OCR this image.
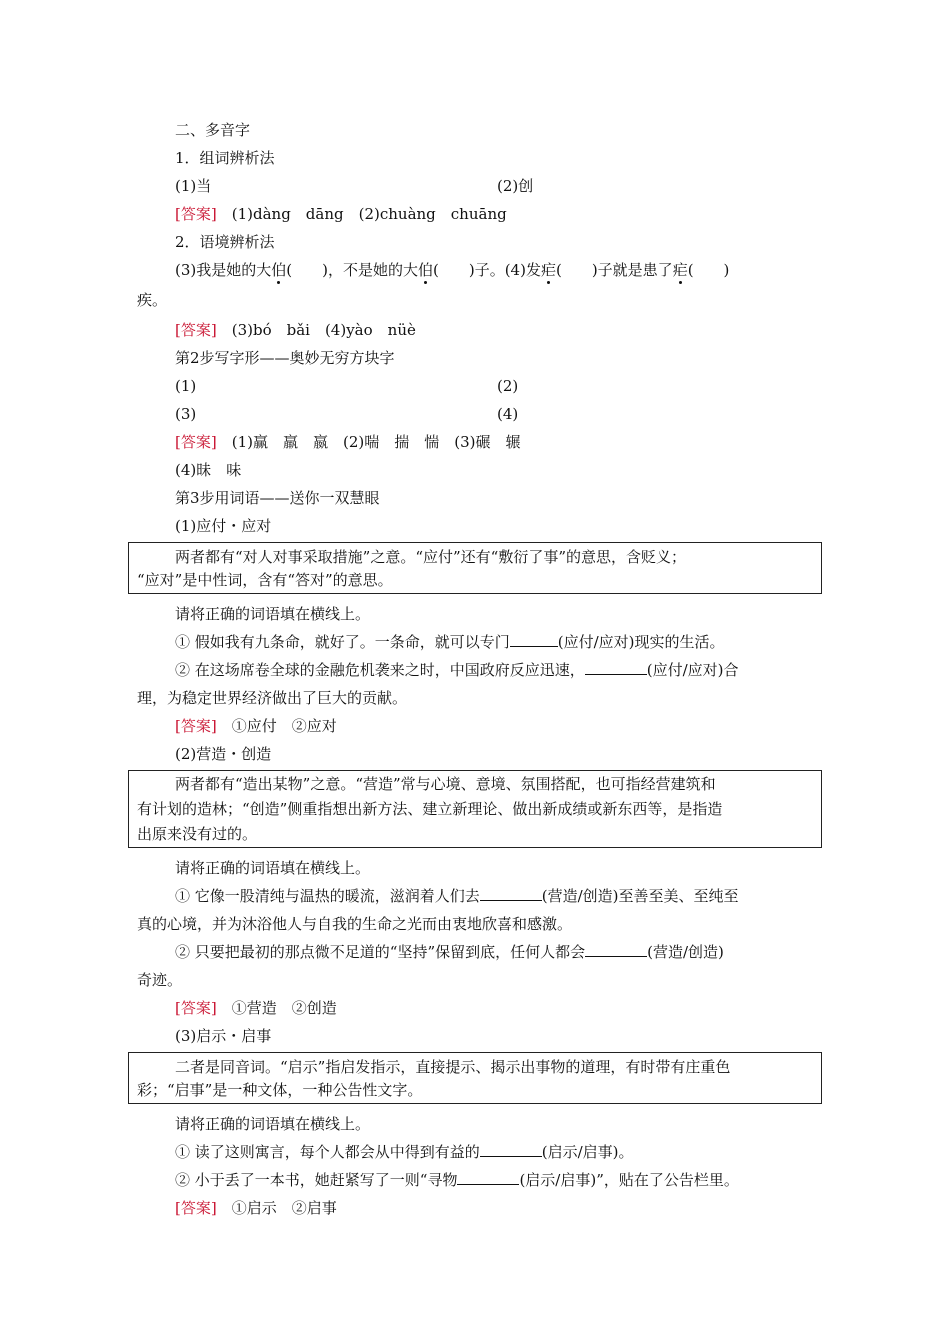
二、多音字
1．组词辨析法
(1)当	(2)创
[答案]　 (1)dàng　dāng　(2)chuàng　chuāng
2．语境辨析法
(3)我是她的大伯(　　)，不是她的大伯(　　)子。(4)发疟(　　)子就是患了疟(　　)
疾。
[答案]　 (3)bó　bǎi　(4)yào　nüè
第2步写字形——奥妙无穷方块字
(1)	(2)
(3)	(4)
[答案]　 (1)赢　羸　嬴　(2)喘　揣　惴　(3)碾　辗
(4)昧　味
第3步用词语——送你一双慧眼
(1)应付・应对
两者都有“对人对事采取措施”之意。“应付”还有“敷衍了事”的意思，含贬义；
“应对”是中性词，含有“答对”的意思。
请将正确的词语填在横线上。
① 假如我有九条命，就好了。一条命，就可以专门	(应付/应对)现实的生活。
② 在这场席卷全球的金融危机袭来之时，中国政府反应迅速，	(应付/应对)合
理，为稳定世界经济做出了巨大的贡献。
[答案]　 ①应付　②应对
(2)营造・创造
两者都有“造出某物”之意。“营造”常与心境、意境、氛围搭配，也可指经营建筑和
有计划的造林；“创造”侧重指想出新方法、建立新理论、做出新成绩或新东西等，是指造
出原来没有过的。
请将正确的词语填在横线上。
① 它像一股清纯与温热的暖流，滋润着人们去	(营造/创造)至善至美、至纯至
真的心境，并为沐浴他人与自我的生命之光而由衷地欣喜和感激。
② 只要把最初的那点微不足道的“坚持”保留到底，任何人都会	(营造/创造)
奇迹。
[答案]　 ①营造　②创造
(3)启示・启事
二者是同音词。“启示”指启发指示，直接提示、揭示出事物的道理，有时带有庄重色
彩；“启事”是一种文体，一种公告性文字。
请将正确的词语填在横线上。
① 读了这则寓言，每个人都会从中得到有益的	(启示/启事)。
② 小于丢了一本书，她赶紧写了一则“寻物	(启示/启事)”，贴在了公告栏里。
[答案]　 ①启示　②启事
